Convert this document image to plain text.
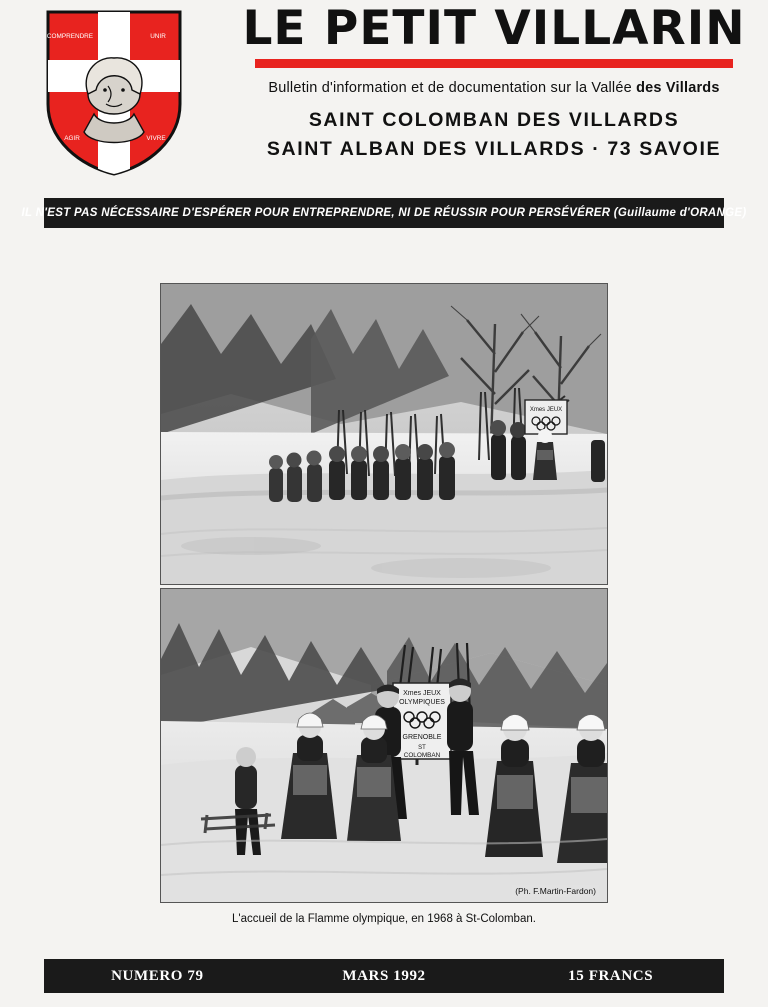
COMPRENDRE	UNIR
AGIR	VIVRE
LE PETIT VILLARIN
Bulletin d'information et de documentation sur la Vallée des Villards
SAINT COLOMBAN DES VILLARDS
SAINT ALBAN DES VILLARDS · 73 SAVOIE
IL N'EST PAS NÉCESSAIRE D'ESPÉRER POUR ENTREPRENDRE, NI DE RÉUSSIR POUR PERSÉVÉRER (Guillaume d'ORANGE)
Xmes JEUX
Xmes JEUX
OLYMPIQUES
GRENOBLE
ST
COLOMBAN
(Ph. F.Martin-Fardon)
L'accueil de la Flamme olympique, en 1968 à St-Colomban.
NUMERO 79	MARS 1992	15 FRANCS
